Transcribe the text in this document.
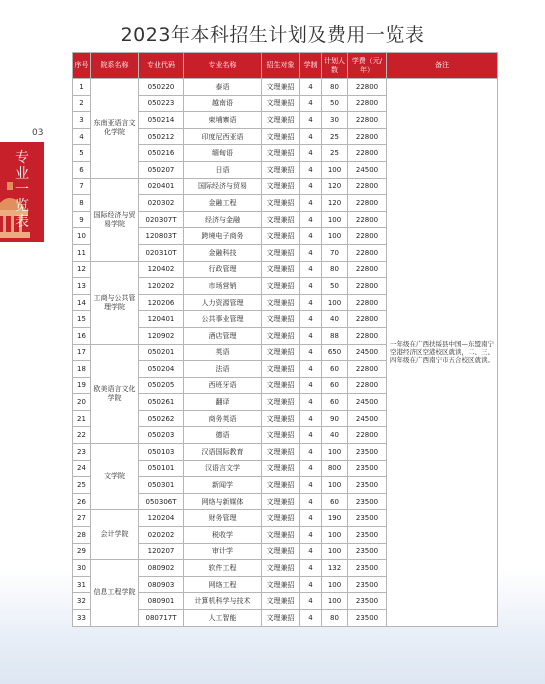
03
专
业
一
览
表
2023年本科招生计划及费用一览表
序号	院系名称	专业代码	专业名称	招生对象	学制	计划人数	学费（元/年）	备注
1	东南亚语言文化学院	050220	泰语	文理兼招	4	80	22800	一年级在广西扶绥县中国—东盟南宁空港经济区空港校区就读，二、三、四年级在广西南宁市五合校区就读。
2		050223	越南语	文理兼招	4	50	22800	
3		050214	柬埔寨语	文理兼招	4	30	22800	
4		050212	印度尼西亚语	文理兼招	4	25	22800	
5		050216	缅甸语	文理兼招	4	25	22800	
6		050207	日语	文理兼招	4	100	24500	
7	国际经济与贸易学院	020401	国际经济与贸易	文理兼招	4	120	22800	
8		020302	金融工程	文理兼招	4	120	22800	
9		020307T	经济与金融	文理兼招	4	100	22800	
10		120803T	跨境电子商务	文理兼招	4	100	22800	
11		020310T	金融科技	文理兼招	4	70	22800	
12	工商与公共管理学院	120402	行政管理	文理兼招	4	80	22800	
13		120202	市场营销	文理兼招	4	50	22800	
14		120206	人力资源管理	文理兼招	4	100	22800	
15		120401	公共事业管理	文理兼招	4	40	22800	
16		120902	酒店管理	文理兼招	4	88	22800	
17	欧美语言文化学院	050201	英语	文理兼招	4	650	24500	
18		050204	法语	文理兼招	4	60	22800	
19		050205	西班牙语	文理兼招	4	60	22800	
20		050261	翻译	文理兼招	4	60	24500	
21		050262	商务英语	文理兼招	4	90	24500	
22		050203	德语	文理兼招	4	40	22800	
23	文学院	050103	汉语国际教育	文理兼招	4	100	23500	
24		050101	汉语言文学	文理兼招	4	800	23500	
25		050301	新闻学	文理兼招	4	100	23500	
26		050306T	网络与新媒体	文理兼招	4	60	23500	
27	会计学院	120204	财务管理	文理兼招	4	190	23500	
28		020202	税收学	文理兼招	4	100	23500	
29		120207	审计学	文理兼招	4	100	23500	
30	信息工程学院	080902	软件工程	文理兼招	4	132	23500	
31		080903	网络工程	文理兼招	4	100	23500	
32		080901	计算机科学与技术	文理兼招	4	100	23500	
33		080717T	人工智能	文理兼招	4	80	23500	
